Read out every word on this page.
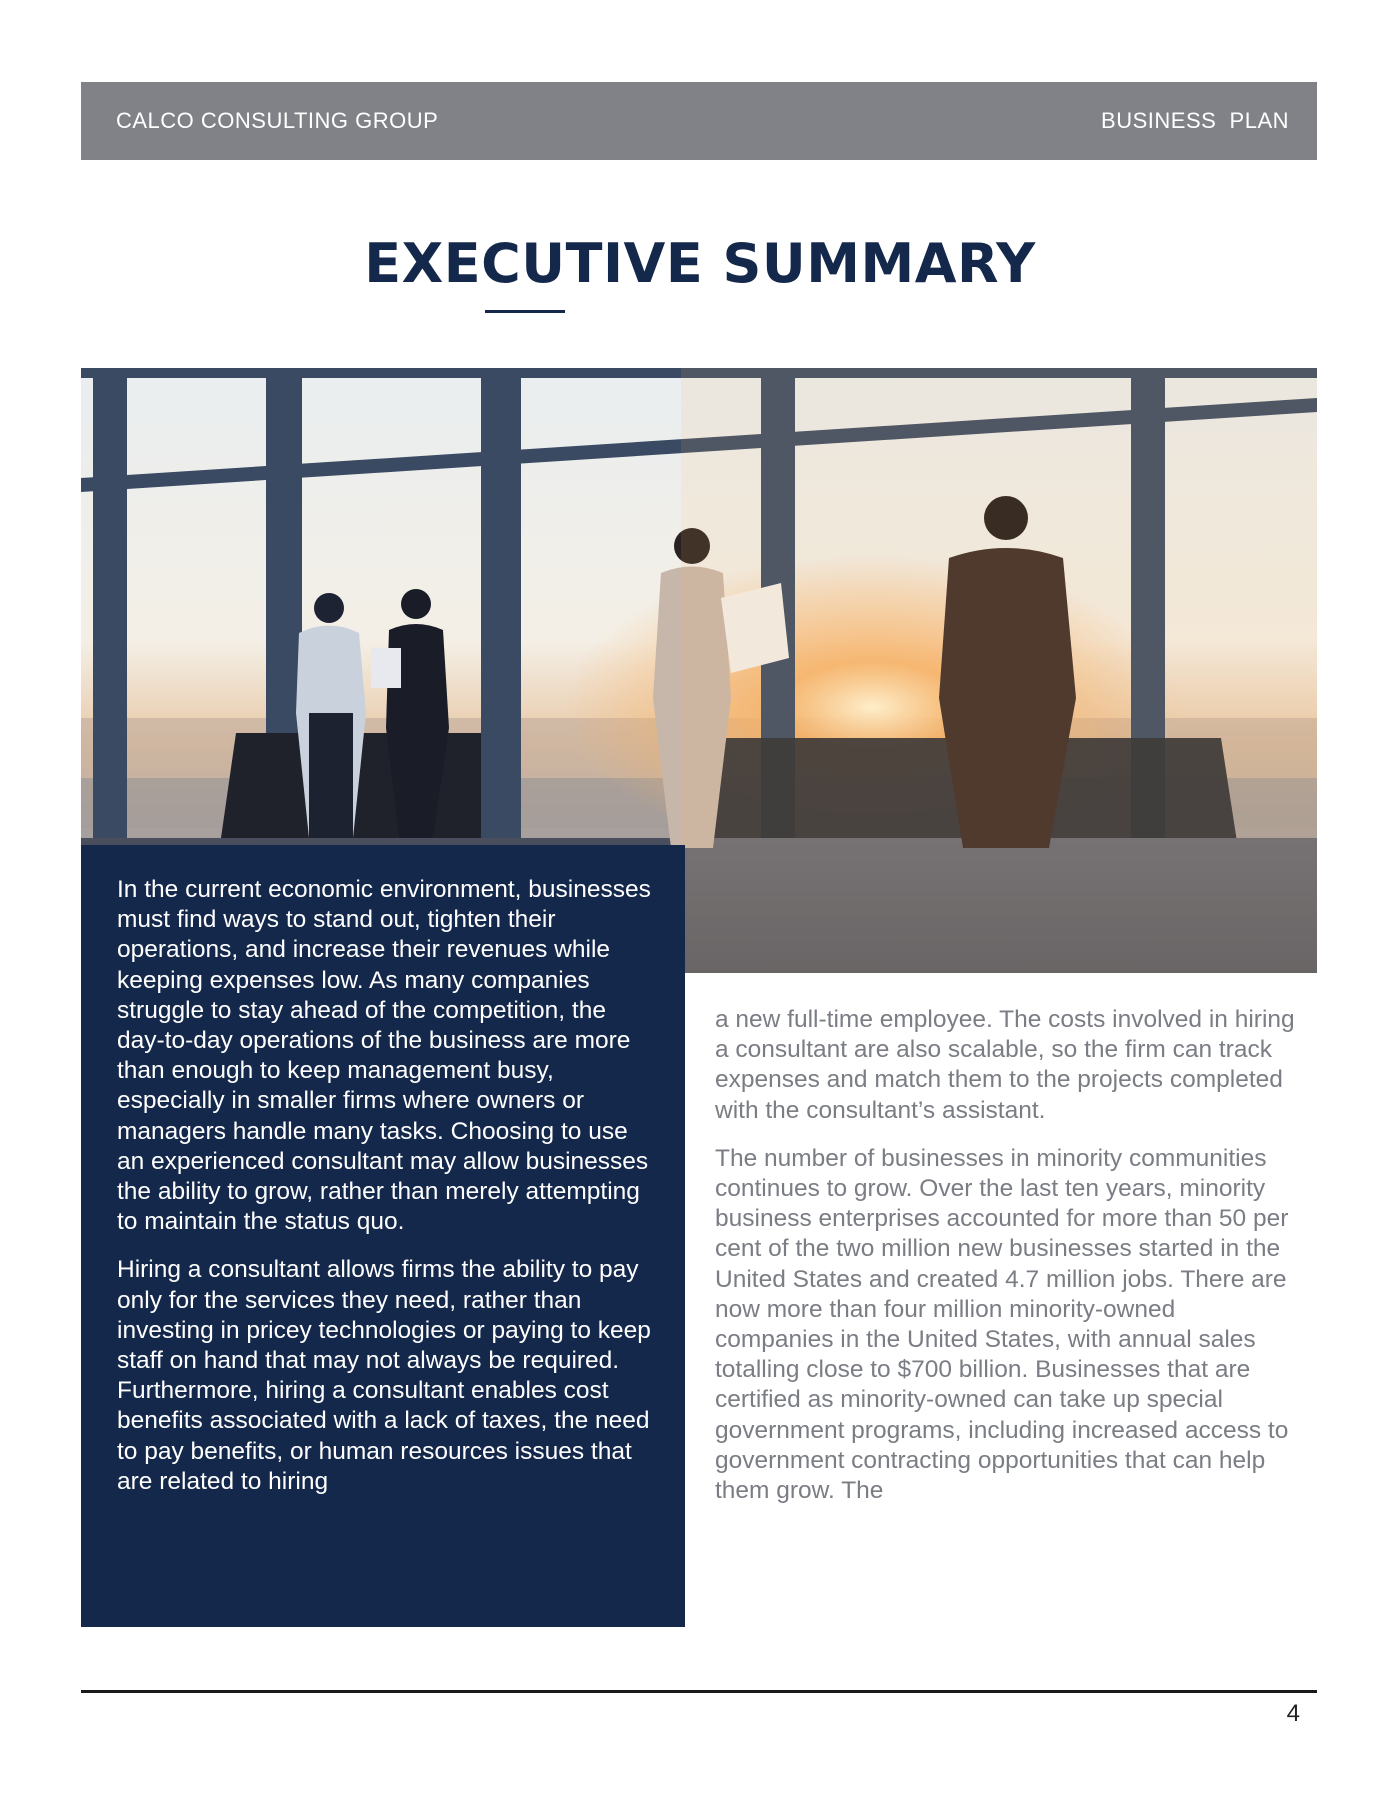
CALCO CONSULTING GROUP	BUSINESS  PLAN
EXECUTIVE SUMMARY

In the current economic environment, businesses must find ways to stand out, tighten their operations, and increase their revenues while keeping expenses low. As many companies struggle to stay ahead of the competition, the day-to-day operations of the business are more than enough to keep management busy, especially in smaller firms where owners or managers handle many tasks. Choosing to use an experienced consultant may allow businesses the ability to grow, rather than merely attempting to maintain the status quo.

Hiring a consultant allows firms the ability to pay only for the services they need, rather than investing in pricey technologies or paying to keep staff on hand that may not always be required. Furthermore, hiring a consultant enables cost benefits associated with a lack of taxes, the need to pay benefits, or human resources issues that are related to hiring

a new full-time employee. The costs involved in hiring a consultant are also scalable, so the firm can track expenses and match them to the projects completed with the consultant’s assistant.

The number of businesses in minority communities continues to grow. Over the last ten years, minority business enterprises accounted for more than 50 per cent of the two million new businesses started in the United States and created 4.7 million jobs. There are now more than four million minority-owned companies in the United States, with annual sales totalling close to $700 billion. Businesses that are certified as minority-owned can take up special government programs, including increased access to government contracting opportunities that can help them grow. The

4
